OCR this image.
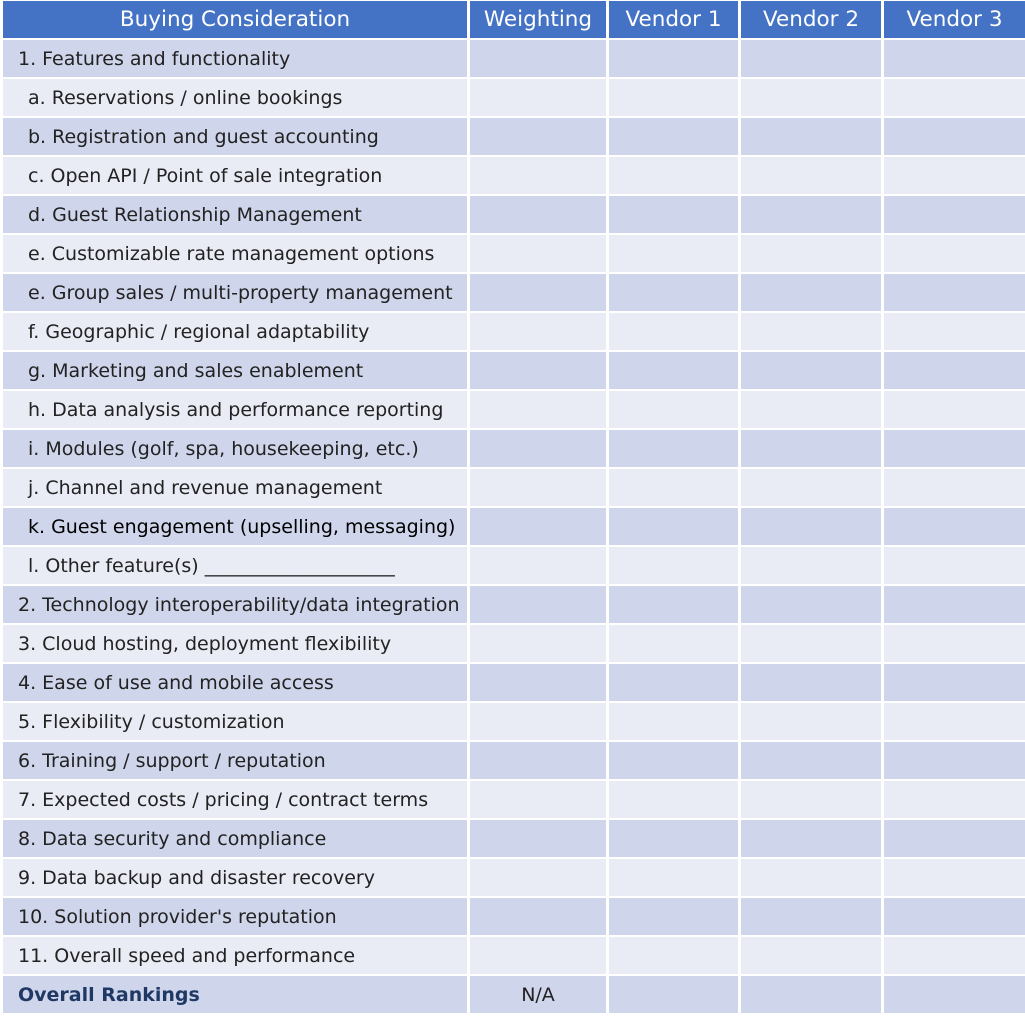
Buying Consideration	Weighting	Vendor 1	Vendor 2	Vendor 3
1. Features and functionality
a. Reservations / online bookings
b. Registration and guest accounting
c. Open API / Point of sale integration
d. Guest Relationship Management
e. Customizable rate management options
e. Group sales / multi-property management
f. Geographic / regional adaptability
g. Marketing and sales enablement
h. Data analysis and performance reporting
i. Modules (golf, spa, housekeeping, etc.)
j. Channel and revenue management
k. Guest engagement (upselling, messaging)
l. Other feature(s) ____________________
2. Technology interoperability/data integration
3. Cloud hosting, deployment flexibility
4. Ease of use and mobile access
5. Flexibility / customization
6. Training / support / reputation
7. Expected costs / pricing / contract terms
8. Data security and compliance
9. Data backup and disaster recovery
10. Solution provider's reputation
11. Overall speed and performance
Overall Rankings	N/A
